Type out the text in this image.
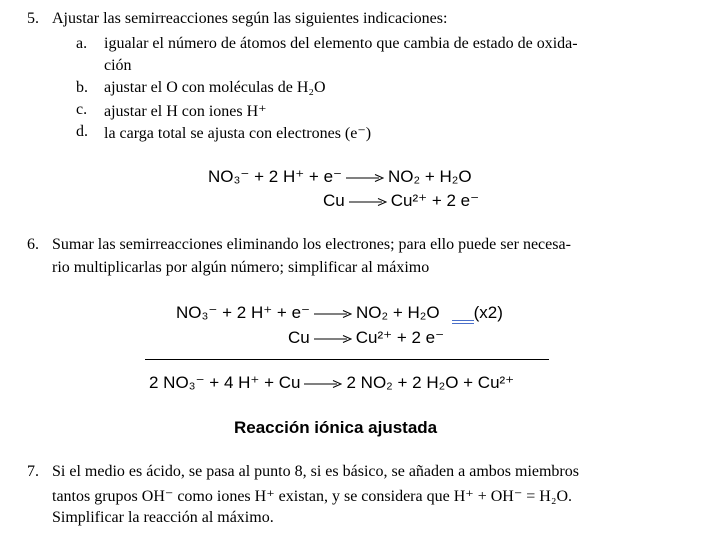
5. Ajustar las semirreacciones según las siguientes indicaciones:
a. igualar el número de átomos del elemento que cambia de estado de oxida-
ción
b. ajustar el O con moléculas de H₂O
c. ajustar el H con iones H⁺
d. la carga total se ajusta con electrones (e⁻)
NO₃⁻ + 2 H⁺ + e⁻	NO₂ + H₂O
Cu	Cu²⁺ + 2 e⁻
6. Sumar las semirreacciones eliminando los electrones; para ello puede ser necesa-
rio multiplicarlas por algún número; simplificar al máximo
NO₃⁻ + 2 H⁺ + e⁻	NO₂ + H₂O (x2)
Cu	Cu²⁺ + 2 e⁻
2 NO₃⁻ + 4 H⁺ + Cu	2 NO₂ + 2 H₂O + Cu²⁺
Reacción iónica ajustada
7. Si el medio es ácido, se pasa al punto 8, si es básico, se añaden a ambos miembros
tantos grupos OH⁻ como iones H⁺ existan, y se considera que H⁺ + OH⁻ = H₂O.
Simplificar la reacción al máximo.
